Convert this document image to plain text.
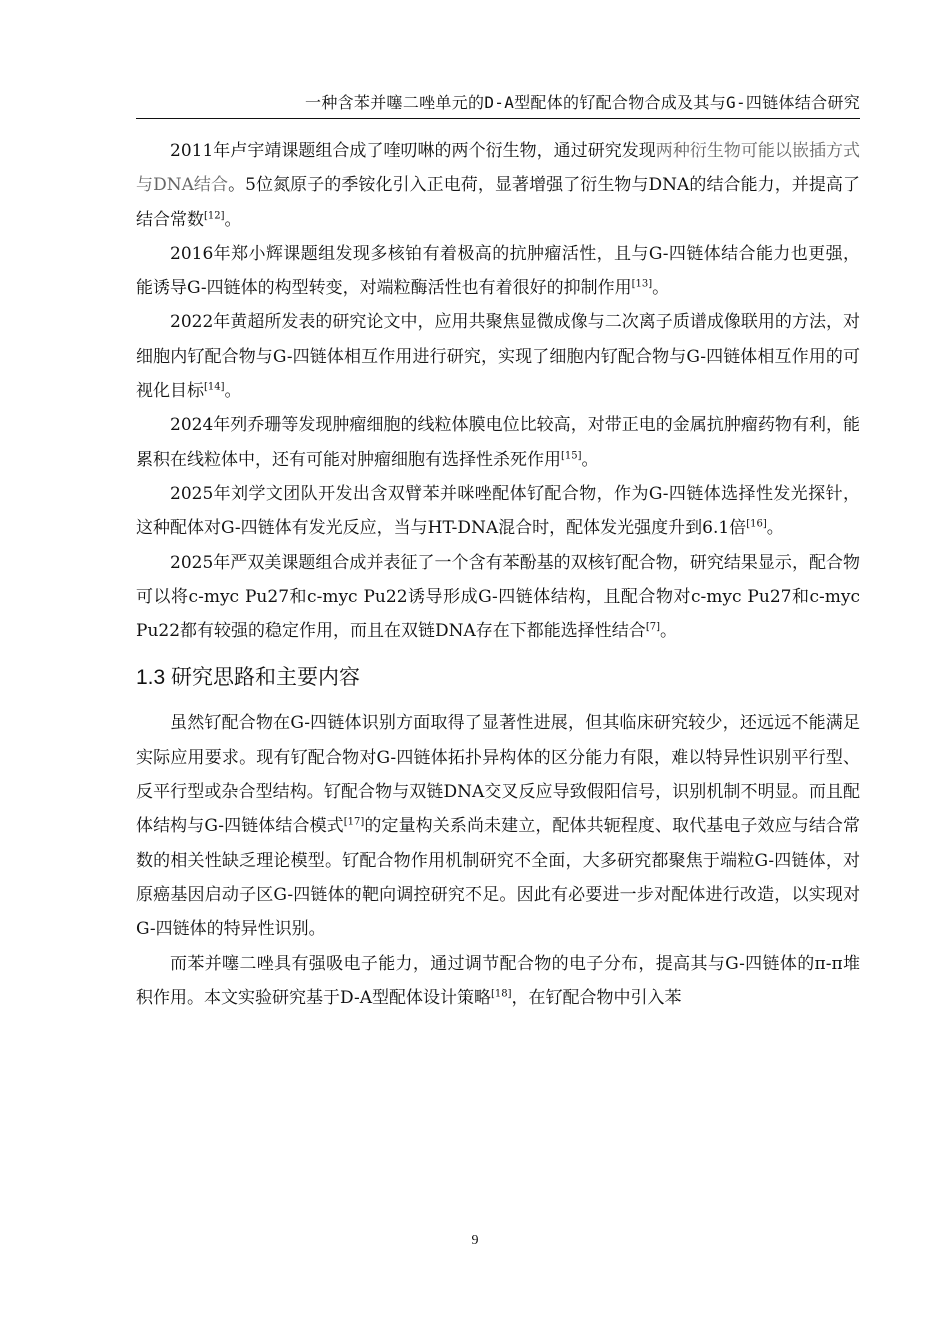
一种含苯并噻二唑单元的D-A型配体的钌配合物合成及其与G-四链体结合研究

2011年卢宇靖课题组合成了喹叨啉的两个衍生物，通过研究发现两种衍生物可能以嵌插方式与DNA结合。5位氮原子的季铵化引入正电荷，显著增强了衍生物与DNA的结合能力，并提高了结合常数[12]。

2016年郑小辉课题组发现多核铂有着极高的抗肿瘤活性，且与G-四链体结合能力也更强，能诱导G-四链体的构型转变，对端粒酶活性也有着很好的抑制作用[13]。

2022年黄超所发表的研究论文中，应用共聚焦显微成像与二次离子质谱成像联用的方法，对细胞内钌配合物与G-四链体相互作用进行研究，实现了细胞内钌配合物与G-四链体相互作用的可视化目标[14]。

2024年列乔珊等发现肿瘤细胞的线粒体膜电位比较高，对带正电的金属抗肿瘤药物有利，能累积在线粒体中，还有可能对肿瘤细胞有选择性杀死作用[15]。

2025年刘学文团队开发出含双臂苯并咪唑配体钌配合物，作为G-四链体选择性发光探针，这种配体对G-四链体有发光反应，当与HT-DNA混合时，配体发光强度升到6.1倍[16]。

2025年严双美课题组合成并表征了一个含有苯酚基的双核钌配合物，研究结果显示，配合物可以将c-myc Pu27和c-myc Pu22诱导形成G-四链体结构，且配合物对c-myc Pu27和c-myc Pu22都有较强的稳定作用，而且在双链DNA存在下都能选择性结合[7]。

1.3 研究思路和主要内容

虽然钌配合物在G-四链体识别方面取得了显著性进展，但其临床研究较少，还远远不能满足实际应用要求。现有钌配合物对G-四链体拓扑异构体的区分能力有限，难以特异性识别平行型、反平行型或杂合型结构。钌配合物与双链DNA交叉反应导致假阳信号，识别机制不明显。而且配体结构与G-四链体结合模式[17]的定量构关系尚未建立，配体共轭程度、取代基电子效应与结合常数的相关性缺乏理论模型。钌配合物作用机制研究不全面，大多研究都聚焦于端粒G-四链体，对原癌基因启动子区G-四链体的靶向调控研究不足。因此有必要进一步对配体进行改造，以实现对G-四链体的特异性识别。

而苯并噻二唑具有强吸电子能力，通过调节配合物的电子分布，提高其与G-四链体的π-π堆积作用。本文实验研究基于D-A型配体设计策略[18]，在钌配合物中引入苯

9
